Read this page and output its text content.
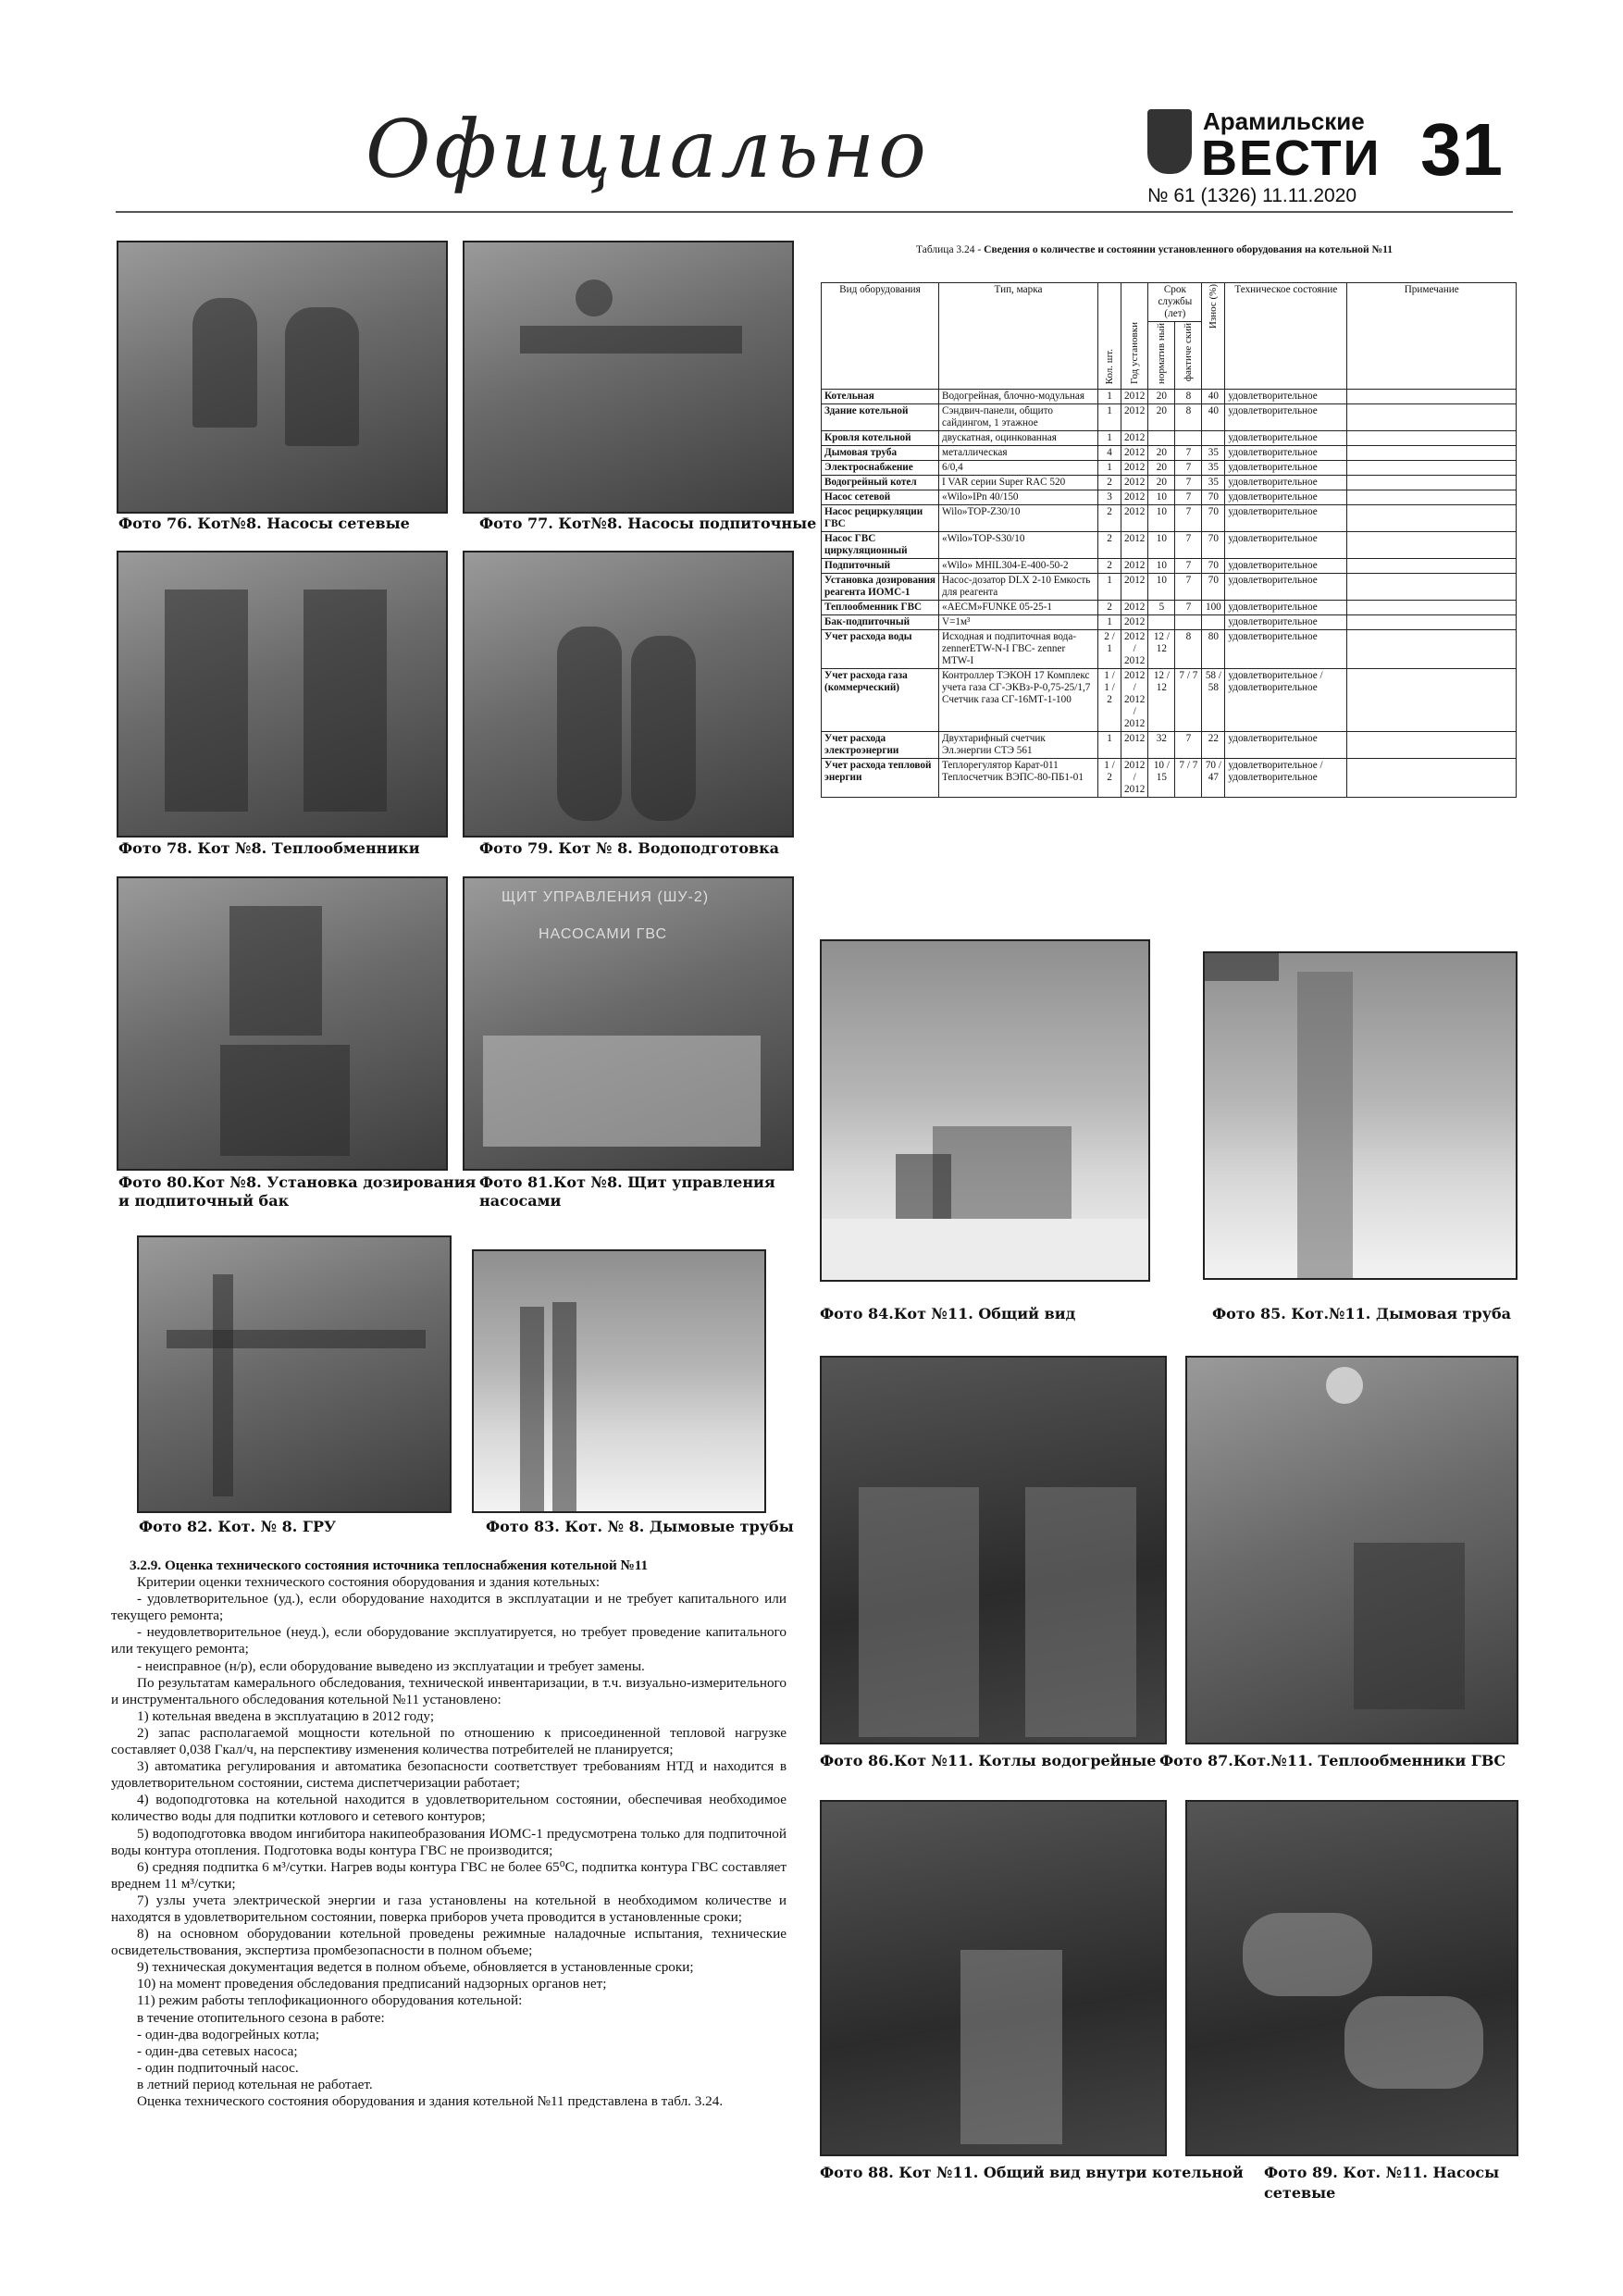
Официально	Арамильские
ВЕСТИ 31
№ 61 (1326) 11.11.2020
Фото 76. Кот№8. Насосы сетевые	Фото 77. Кот№8. Насосы подпиточные
Фото 78. Кот №8. Теплообменники	Фото 79. Кот № 8. Водоподготовка
Фото 80.Кот №8. Установка дозирования
и подпиточный бак
ЩИТ УПРАВЛЕНИЯ (ШУ-2)
НАСОСАМИ ГВС
Фото 81.Кот №8. Щит управления
насосами
Фото 82. Кот. № 8. ГРУ	Фото 83. Кот. № 8. Дымовые трубы
Таблица 3.24 - Сведения о количестве и состоянии установленного оборудования на котельной №11
Вид оборудования	Тип, марка	Кол. шт.	Год установки	Срок службы (лет)		Износ (%)	Техническое состояние	Примечание
				норматив ный	фактиче ский			
Котельная	Водогрейная, блочно-модульная	1	2012	20	8	40	удовлетворительное	
Здание котельной	Сэндвич-панели, общито сайдингом, 1 этажное	1	2012	20	8	40	удовлетворительное	
Кровля котельной	двускатная, оцинкованная	1	2012				удовлетворительное	
Дымовая труба	металлическая	4	2012	20	7	35	удовлетворительное	
Электроснабжение	6/0,4	1	2012	20	7	35	удовлетворительное	
Водогрейный котел	I VAR серии Super RAC 520	2	2012	20	7	35	удовлетворительное	
Насос сетевой	«Wilo»IPn 40/150	3	2012	10	7	70	удовлетворительное	
Насос рециркуляции ГВС	Wilo»TOP-Z30/10	2	2012	10	7	70	удовлетворительное	
Насос ГВС циркуляционный	«Wilo»TOP-S30/10	2	2012	10	7	70	удовлетворительное	
Подпиточный	«Wilo» MHIL304-E-400-50-2	2	2012	10	7	70	удовлетворительное	
Установка дозирования реагента ИОМС-1	Насос-дозатор DLX 2-10 Емкость для реагента	1	2012	10	7	70	удовлетворительное	
Теплообменник ГВС	«AECM»FUNKE 05-25-1	2	2012	5	7	100	удовлетворительное	
Бак-подпиточный	V=1м³	1	2012				удовлетворительное	
Учет расхода воды	Исходная и подпиточная вода-zennerETW-N-I ГВС- zenner MTW-I	2 / 1	2012 / 2012	12 / 12	8	80	удовлетворительное	
Учет расхода газа (коммерческий)	Контроллер ТЭКОН 17 Комплекс учета газа СГ-ЭКВз-Р-0,75-25/1,7 Счетчик газа СГ-16МТ-1-100	1 / 1 / 2	2012 / 2012 / 2012	12 / 12	7 / 7	58 / 58	удовлетворительное / удовлетворительное	
Учет расхода электроэнергии	Двухтарифный счетчик Эл.энергии СТЭ 561	1	2012	32	7	22	удовлетворительное	
Учет расхода тепловой энергии	Теплорегулятор Карат-011 Теплосчетчик ВЭПС-80-ПБ1-01	1 / 2	2012 / 2012	10 / 15	7 / 7	70 / 47	удовлетворительное / удовлетворительное	
Фото 84.Кот №11. Общий вид	Фото 85. Кот.№11. Дымовая труба
Фото 86.Кот №11. Котлы водогрейные Фото 87.Кот.№11. Теплообменники ГВС
Фото 88. Кот №11. Общий вид внутри котельной Фото 89. Кот. №11. Насосы
сетевые

3.2.9. Оценка технического состояния источника теплоснабжения котельной №11

Критерии оценки технического состояния оборудования и здания котельных:

- удовлетворительное (уд.), если оборудование находится в эксплуатации и не требует капитального или текущего ремонта;

- неудовлетворительное (неуд.), если оборудование эксплуатируется, но требует проведение капитального или текущего ремонта;

- неисправное (н/р), если оборудование выведено из эксплуатации и требует замены.

По результатам камерального обследования, технической инвентаризации, в т.ч. визуально-измерительного и инструментального обследования котельной №11 установлено:

1) котельная введена в эксплуатацию в 2012 году;

2) запас располагаемой мощности котельной по отношению к присоединенной тепловой нагрузке составляет 0,038 Гкал/ч, на перспективу изменения количества потребителей не планируется;

3) автоматика регулирования и автоматика безопасности соответствует требованиям НТД и находится в удовлетворительном состоянии, система диспетчеризации работает;

4) водоподготовка на котельной находится в удовлетворительном состоянии, обеспечивая необходимое количество воды для подпитки котлового и сетевого контуров;

5) водоподготовка вводом ингибитора накипеобразования ИОМС-1 предусмотрена только для подпиточной воды контура отопления. Подготовка воды контура ГВС не производится;

6) средняя подпитка 6 м³/сутки. Нагрев воды контура ГВС не более 65⁰С, подпитка контура ГВС составляет вреднем 11 м³/сутки;

7) узлы учета электрической энергии и газа установлены на котельной в необходимом количестве и находятся в удовлетворительном состоянии, поверка приборов учета проводится в установленные сроки;

8) на основном оборудовании котельной проведены режимные наладочные испытания, технические освидетельствования, экспертиза промбезопасности в полном объеме;

9) техническая документация ведется в полном объеме, обновляется в установленные сроки;

10) на момент проведения обследования предписаний надзорных органов нет;

11) режим работы теплофикационного оборудования котельной:

в течение отопительного сезона в работе:

- один-два водогрейных котла;

- один-два сетевых насоса;

- один подпиточный насос.

в летний период котельная не работает.

Оценка технического состояния оборудования и здания котельной №11 представлена в табл. 3.24.
